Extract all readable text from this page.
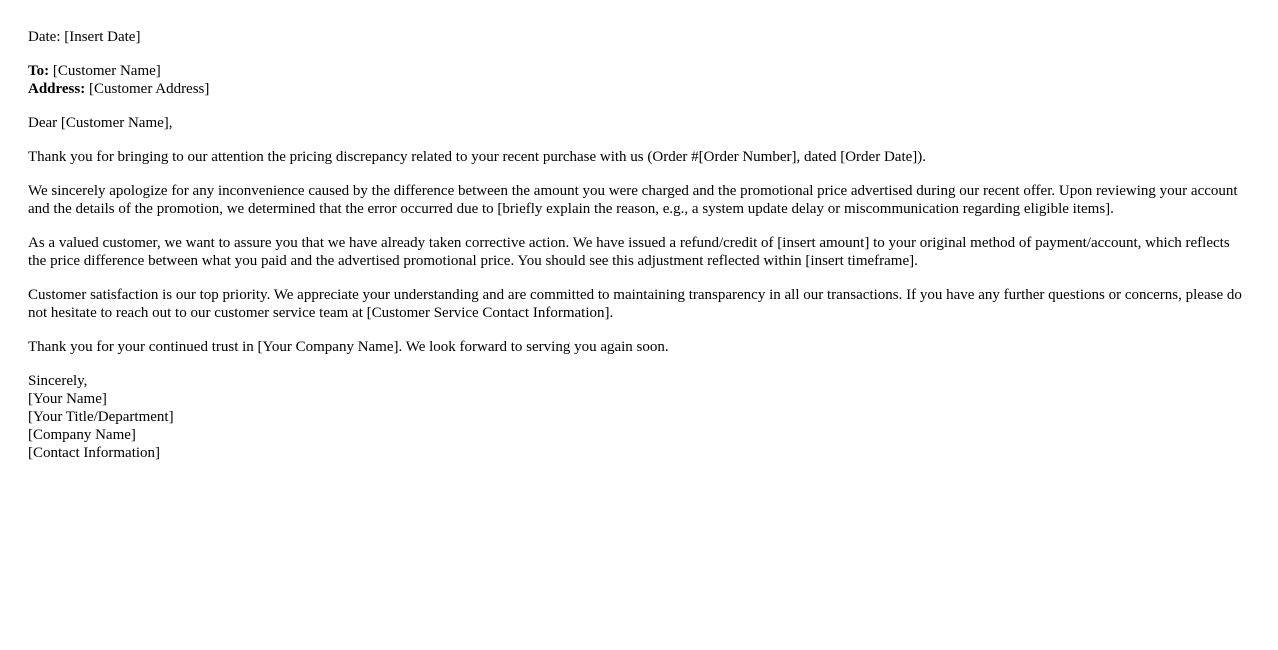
Date: [Insert Date]

To: [Customer Name]
Address: [Customer Address]

Dear [Customer Name],

Thank you for bringing to our attention the pricing discrepancy related to your recent purchase with us (Order #[Order Number], dated [Order Date]).

We sincerely apologize for any inconvenience caused by the difference between the amount you were charged and the promotional price advertised during our recent offer. Upon reviewing your account and the details of the promotion, we determined that the error occurred due to [briefly explain the reason, e.g., a system update delay or miscommunication regarding eligible items].

As a valued customer, we want to assure you that we have already taken corrective action. We have issued a refund/credit of [insert amount] to your original method of payment/account, which reflects the price difference between what you paid and the advertised promotional price. You should see this adjustment reflected within [insert timeframe].

Customer satisfaction is our top priority. We appreciate your understanding and are committed to maintaining transparency in all our transactions. If you have any further questions or concerns, please do not hesitate to reach out to our customer service team at [Customer Service Contact Information].

Thank you for your continued trust in [Your Company Name]. We look forward to serving you again soon.

Sincerely,
[Your Name]
[Your Title/Department]
[Company Name]
[Contact Information]
